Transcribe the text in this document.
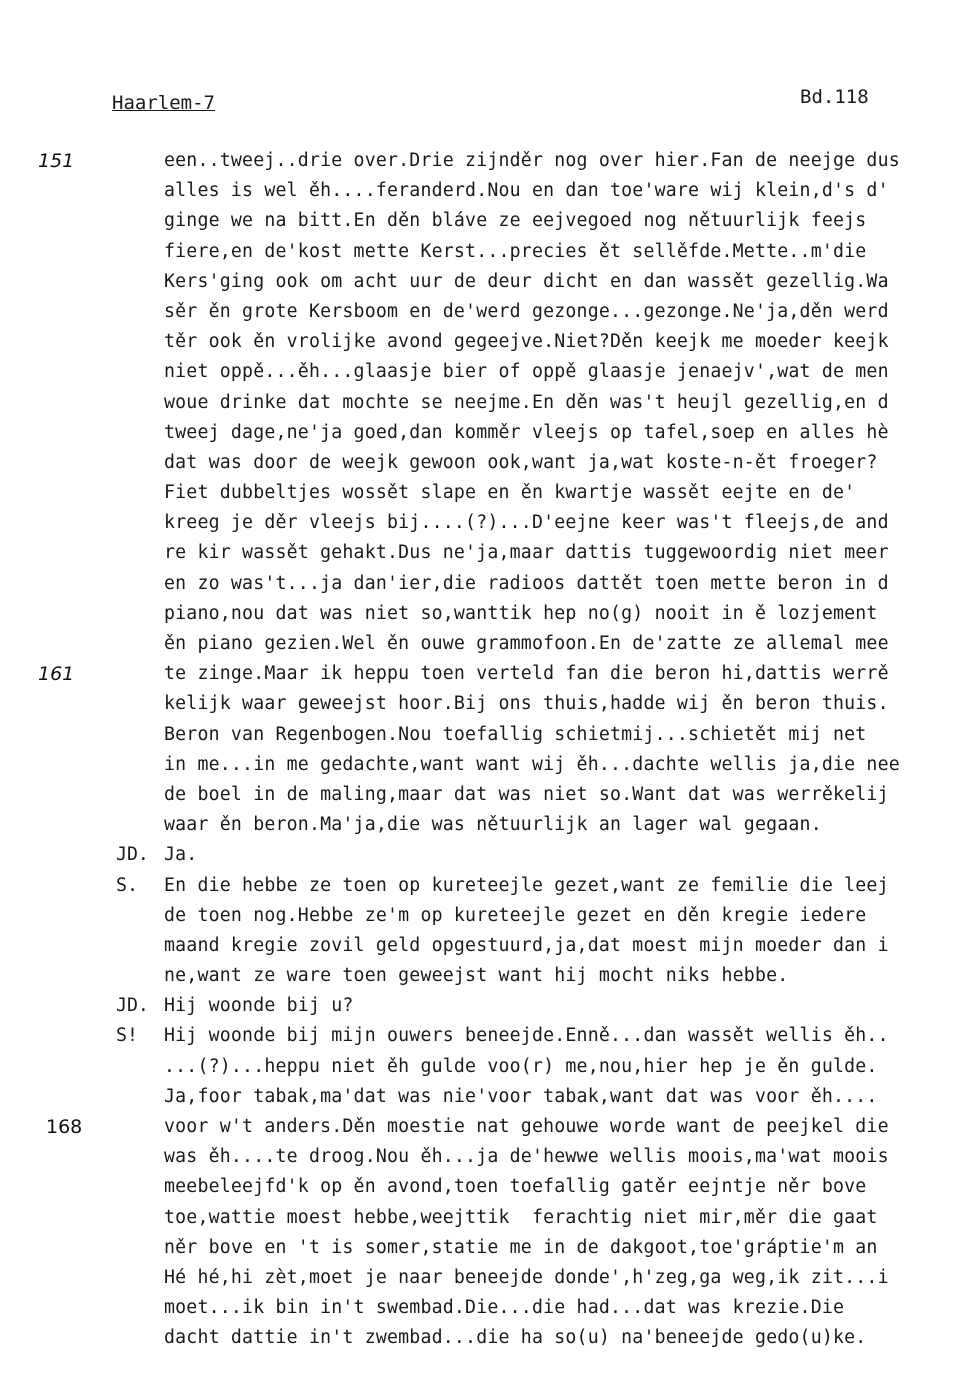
Haarlem-7	Bd.118
151	een..tweej..drie over.Drie zijnděr nog over hier.Fan de neejge dus
alles is wel ěh....feranderd.Nou en dan toe'ware wij klein,d's d'
ginge we na bitt.En děn bláve ze eejvegoed nog nětuurlijk feejs
fiere,en de'kost mette Kerst...precies ět sellěfde.Mette..m'die
Kers'ging ook om acht uur de deur dicht en dan wassět gezellig.Wa
sěr ěn grote Kersboom en de'werd gezonge...gezonge.Ne'ja,děn werd
těr ook ěn vrolijke avond gegeejve.Niet?Děn keejk me moeder keejk
niet oppě...ěh...glaasje bier of oppě glaasje jenaejv',wat de men
woue drinke dat mochte se neejme.En děn was't heujl gezellig,en d
tweej dage,ne'ja goed,dan komměr vleejs op tafel,soep en alles hè
dat was door de weejk gewoon ook,want ja,wat koste-n-ět froeger?
Fiet dubbeltjes wossět slape en ěn kwartje wassět eejte en de'
kreeg je děr vleejs bij....(?)...D'eejne keer was't fleejs,de and
re kir wassět gehakt.Dus ne'ja,maar dattis tuggewoordig niet meer
en zo was't...ja dan'ier,die radioos dattět toen mette beron in d
piano,nou dat was niet so,wanttik hep no(g) nooit in ě lozjement
ěn piano gezien.Wel ěn ouwe grammofoon.En de'zatte ze allemal mee
161	te zinge.Maar ik heppu toen verteld fan die beron hi,dattis werrě
kelijk waar geweejst hoor.Bij ons thuis,hadde wij ěn beron thuis.
Beron van Regenbogen.Nou toefallig schietmij...schietět mij net
in me...in me gedachte,want want wij ěh...dachte wellis ja,die nee
de boel in de maling,maar dat was niet so.Want dat was werrěkelij
waar ěn beron.Ma'ja,die was nětuurlijk an lager wal gegaan.
JD. Ja.
S. En die hebbe ze toen op kureteejle gezet,want ze femilie die leej
de toen nog.Hebbe ze'm op kureteejle gezet en děn kregie iedere
maand kregie zovil geld opgestuurd,ja,dat moest mijn moeder dan i
ne,want ze ware toen geweejst want hij mocht niks hebbe.
JD. Hij woonde bij u?
S! Hij woonde bij mijn ouwers beneejde.Enně...dan wassět wellis ěh..
...(?)...heppu niet ěh gulde voo(r) me,nou,hier hep je ěn gulde.
Ja,foor tabak,ma'dat was nie'voor tabak,want dat was voor ěh....
168	voor w't anders.Děn moestie nat gehouwe worde want de peejkel die
was ěh....te droog.Nou ěh...ja de'hewwe wellis moois,ma'wat moois
meebeleejfd'k op ěn avond,toen toefallig gatěr eejntje něr bove
toe,wattie moest hebbe,weejttik  ferachtig niet mir,měr die gaat
něr bove en 't is somer,statie me in de dakgoot,toe'gráptie'm an
Hé hé,hi zèt,moet je naar beneejde donde',h'zeg,ga weg,ik zit...i
moet...ik bin in't swembad.Die...die had...dat was krezie.Die
dacht dattie in't zwembad...die ha so(u) na'beneejde gedo(u)ke.
